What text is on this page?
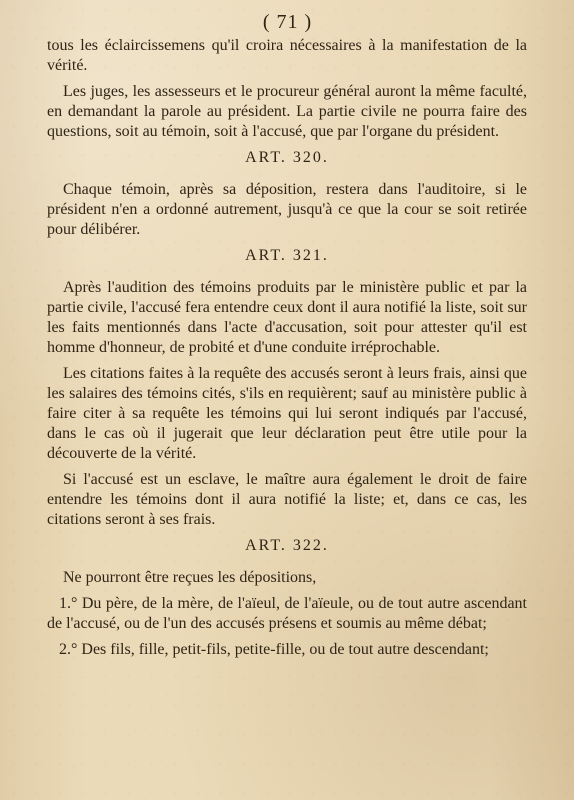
( 71 )

tous les éclaircissemens qu'il croira nécessaires à la manifestation de la vérité.

Les juges, les assesseurs et le procureur général auront la même faculté, en demandant la parole au président. La partie civile ne pourra faire des questions, soit au témoin, soit à l'accusé, que par l'organe du président.

ART. 320.

Chaque témoin, après sa déposition, restera dans l'auditoire, si le président n'en a ordonné autrement, jusqu'à ce que la cour se soit retirée pour délibérer.

ART. 321.

Après l'audition des témoins produits par le ministère public et par la partie civile, l'accusé fera entendre ceux dont il aura notifié la liste, soit sur les faits mentionnés dans l'acte d'accusation, soit pour attester qu'il est homme d'honneur, de probité et d'une conduite irréprochable.

Les citations faites à la requête des accusés seront à leurs frais, ainsi que les salaires des témoins cités, s'ils en requièrent; sauf au ministère public à faire citer à sa requête les témoins qui lui seront indiqués par l'accusé, dans le cas où il jugerait que leur déclaration peut être utile pour la découverte de la vérité.

Si l'accusé est un esclave, le maître aura également le droit de faire entendre les témoins dont il aura notifié la liste; et, dans ce cas, les citations seront à ses frais.

ART. 322.

Ne pourront être reçues les dépositions,

1.° Du père, de la mère, de l'aïeul, de l'aïeule, ou de tout autre ascendant de l'accusé, ou de l'un des accusés présens et soumis au même débat;

2.° Des fils, fille, petit-fils, petite-fille, ou de tout autre descendant;
